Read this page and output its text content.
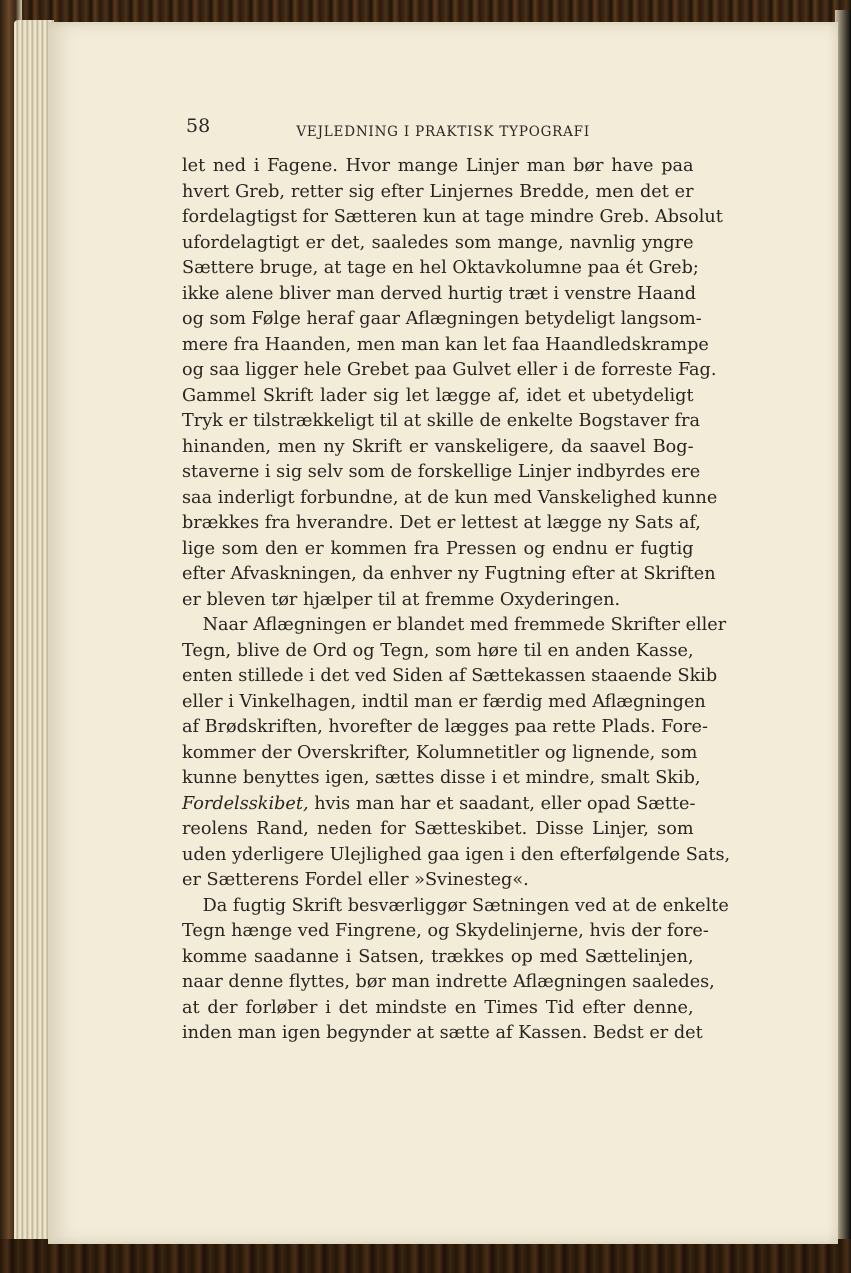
58	VEJLEDNING I PRAKTISK TYPOGRAFI
let ned i Fagene. Hvor mange Linjer man bør have paa
hvert Greb, retter sig efter Linjernes Bredde, men det er
fordelagtigst for Sætteren kun at tage mindre Greb. Absolut
ufordelagtigt er det, saaledes som mange, navnlig yngre
Sættere bruge, at tage en hel Oktavkolumne paa ét Greb;
ikke alene bliver man derved hurtig træt i venstre Haand
og som Følge heraf gaar Aflægningen betydeligt langsom-
mere fra Haanden, men man kan let faa Haandledskrampe
og saa ligger hele Grebet paa Gulvet eller i de forreste Fag.
Gammel Skrift lader sig let lægge af, idet et ubetydeligt
Tryk er tilstrækkeligt til at skille de enkelte Bogstaver fra
hinanden, men ny Skrift er vanskeligere, da saavel Bog-
staverne i sig selv som de forskellige Linjer indbyrdes ere
saa inderligt forbundne, at de kun med Vanskelighed kunne
brækkes fra hverandre. Det er lettest at lægge ny Sats af,
lige som den er kommen fra Pressen og endnu er fugtig
efter Afvaskningen, da enhver ny Fugtning efter at Skriften
er bleven tør hjælper til at fremme Oxyderingen.
Naar Aflægningen er blandet med fremmede Skrifter eller
Tegn, blive de Ord og Tegn, som høre til en anden Kasse,
enten stillede i det ved Siden af Sættekassen staaende Skib
eller i Vinkelhagen, indtil man er færdig med Aflægningen
af Brødskriften, hvorefter de lægges paa rette Plads. Fore-
kommer der Overskrifter, Kolumnetitler og lignende, som
kunne benyttes igen, sættes disse i et mindre, smalt Skib,
Fordelsskibet, hvis man har et saadant, eller opad Sætte-
reolens Rand, neden for Sætteskibet. Disse Linjer, som
uden yderligere Ulejlighed gaa igen i den efterfølgende Sats,
er Sætterens Fordel eller »Svinesteg«.
Da fugtig Skrift besværliggør Sætningen ved at de enkelte
Tegn hænge ved Fingrene, og Skydelinjerne, hvis der fore-
komme saadanne i Satsen, trækkes op med Sættelinjen,
naar denne flyttes, bør man indrette Aflægningen saaledes,
at der forløber i det mindste en Times Tid efter denne,
inden man igen begynder at sætte af Kassen. Bedst er det
